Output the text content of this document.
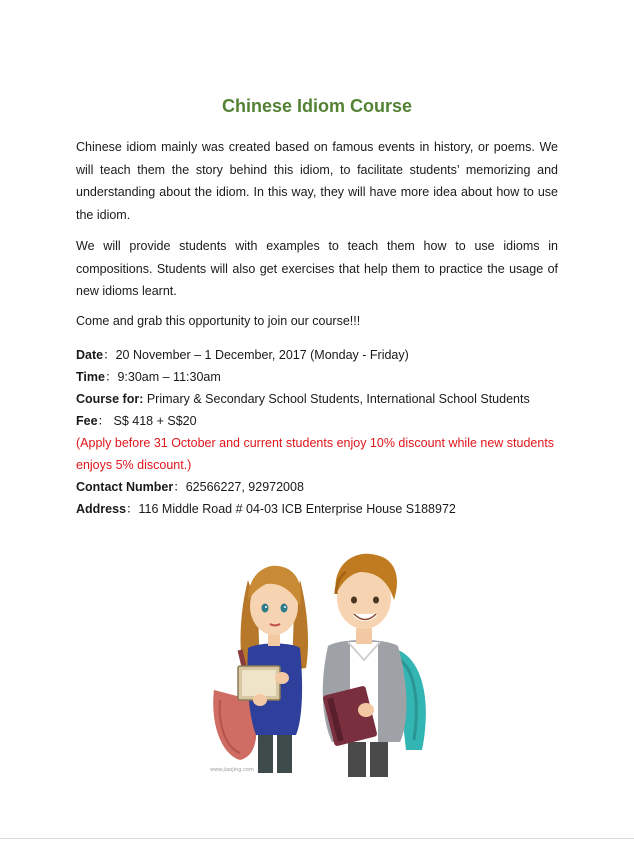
Chinese Idiom Course

Chinese idiom mainly was created based on famous events in history, or poems. We will teach them the story behind this idiom, to facilitate students’ memorizing and understanding about the idiom. In this way, they will have more idea about how to use the idiom.

We will provide students with examples to teach them how to use idioms in compositions. Students will also get exercises that help them to practice the usage of new idioms learnt.

Come and grab this opportunity to join our course!!!

Date：20 November – 1 December, 2017 (Monday - Friday)
Time：9:30am – 11:30am
Course for: Primary & Secondary School Students, International School Students
Fee： S$ 418 + S$20
(Apply before 31 October and current students enjoy 10% discount while new students enjoys 5% discount.)
Contact Number：62566227, 92972008
Address：116 Middle Road # 04-03 ICB Enterprise House S188972
www.jiaojing.com
